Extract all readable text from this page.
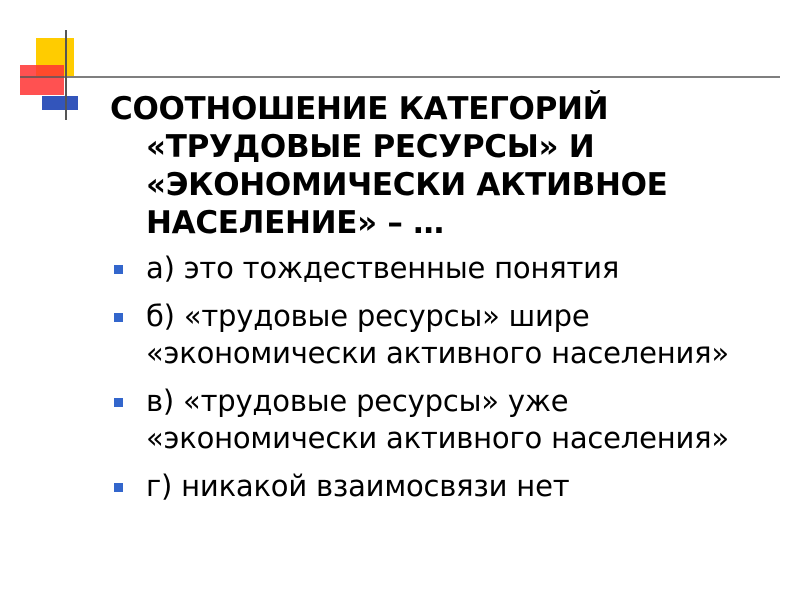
СООТНОШЕНИЕ КАТЕГОРИЙ «ТРУДОВЫЕ РЕСУРСЫ» И «ЭКОНОМИЧЕСКИ АКТИВНОЕ НАСЕЛЕНИЕ» – …
а) это тождественные понятия
б) «трудовые ресурсы» шире «экономически активного населения»
в) «трудовые ресурсы» уже «экономически активного населения»
г) никакой взаимосвязи нет
